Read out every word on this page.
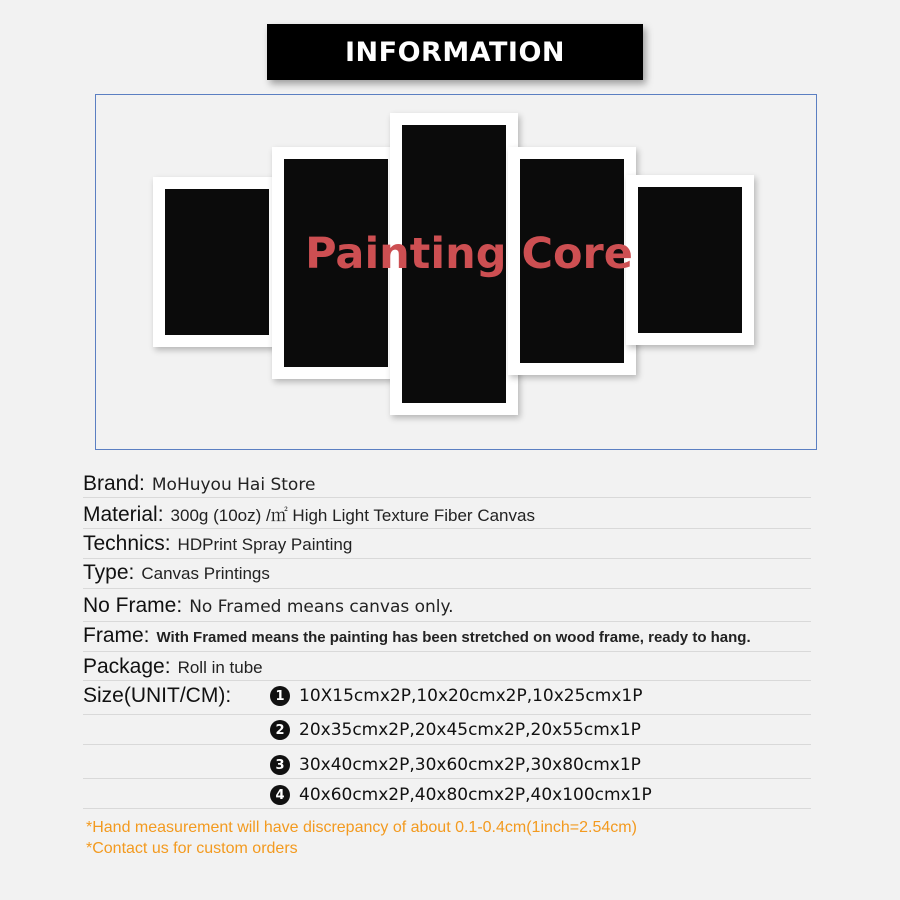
INFORMATION
Painting Core
Brand: MoHuyou Hai Store
Material: 300g (10oz) /㎡ High Light Texture Fiber Canvas
Technics: HDPrint Spray Painting
Type: Canvas Printings
No Frame: No Framed means canvas only.
Frame: With Framed means the painting has been stretched on wood frame, ready to hang.
Package: Roll in tube
Size(UNIT/CM):	1 10X15cmx2P,10x20cmx2P,10x25cmx1P
2 20x35cmx2P,20x45cmx2P,20x55cmx1P
3 30x40cmx2P,30x60cmx2P,30x80cmx1P
4 40x60cmx2P,40x80cmx2P,40x100cmx1P
*Hand measurement will have discrepancy of about 0.1-0.4cm(1inch=2.54cm)
*Contact us for custom orders
